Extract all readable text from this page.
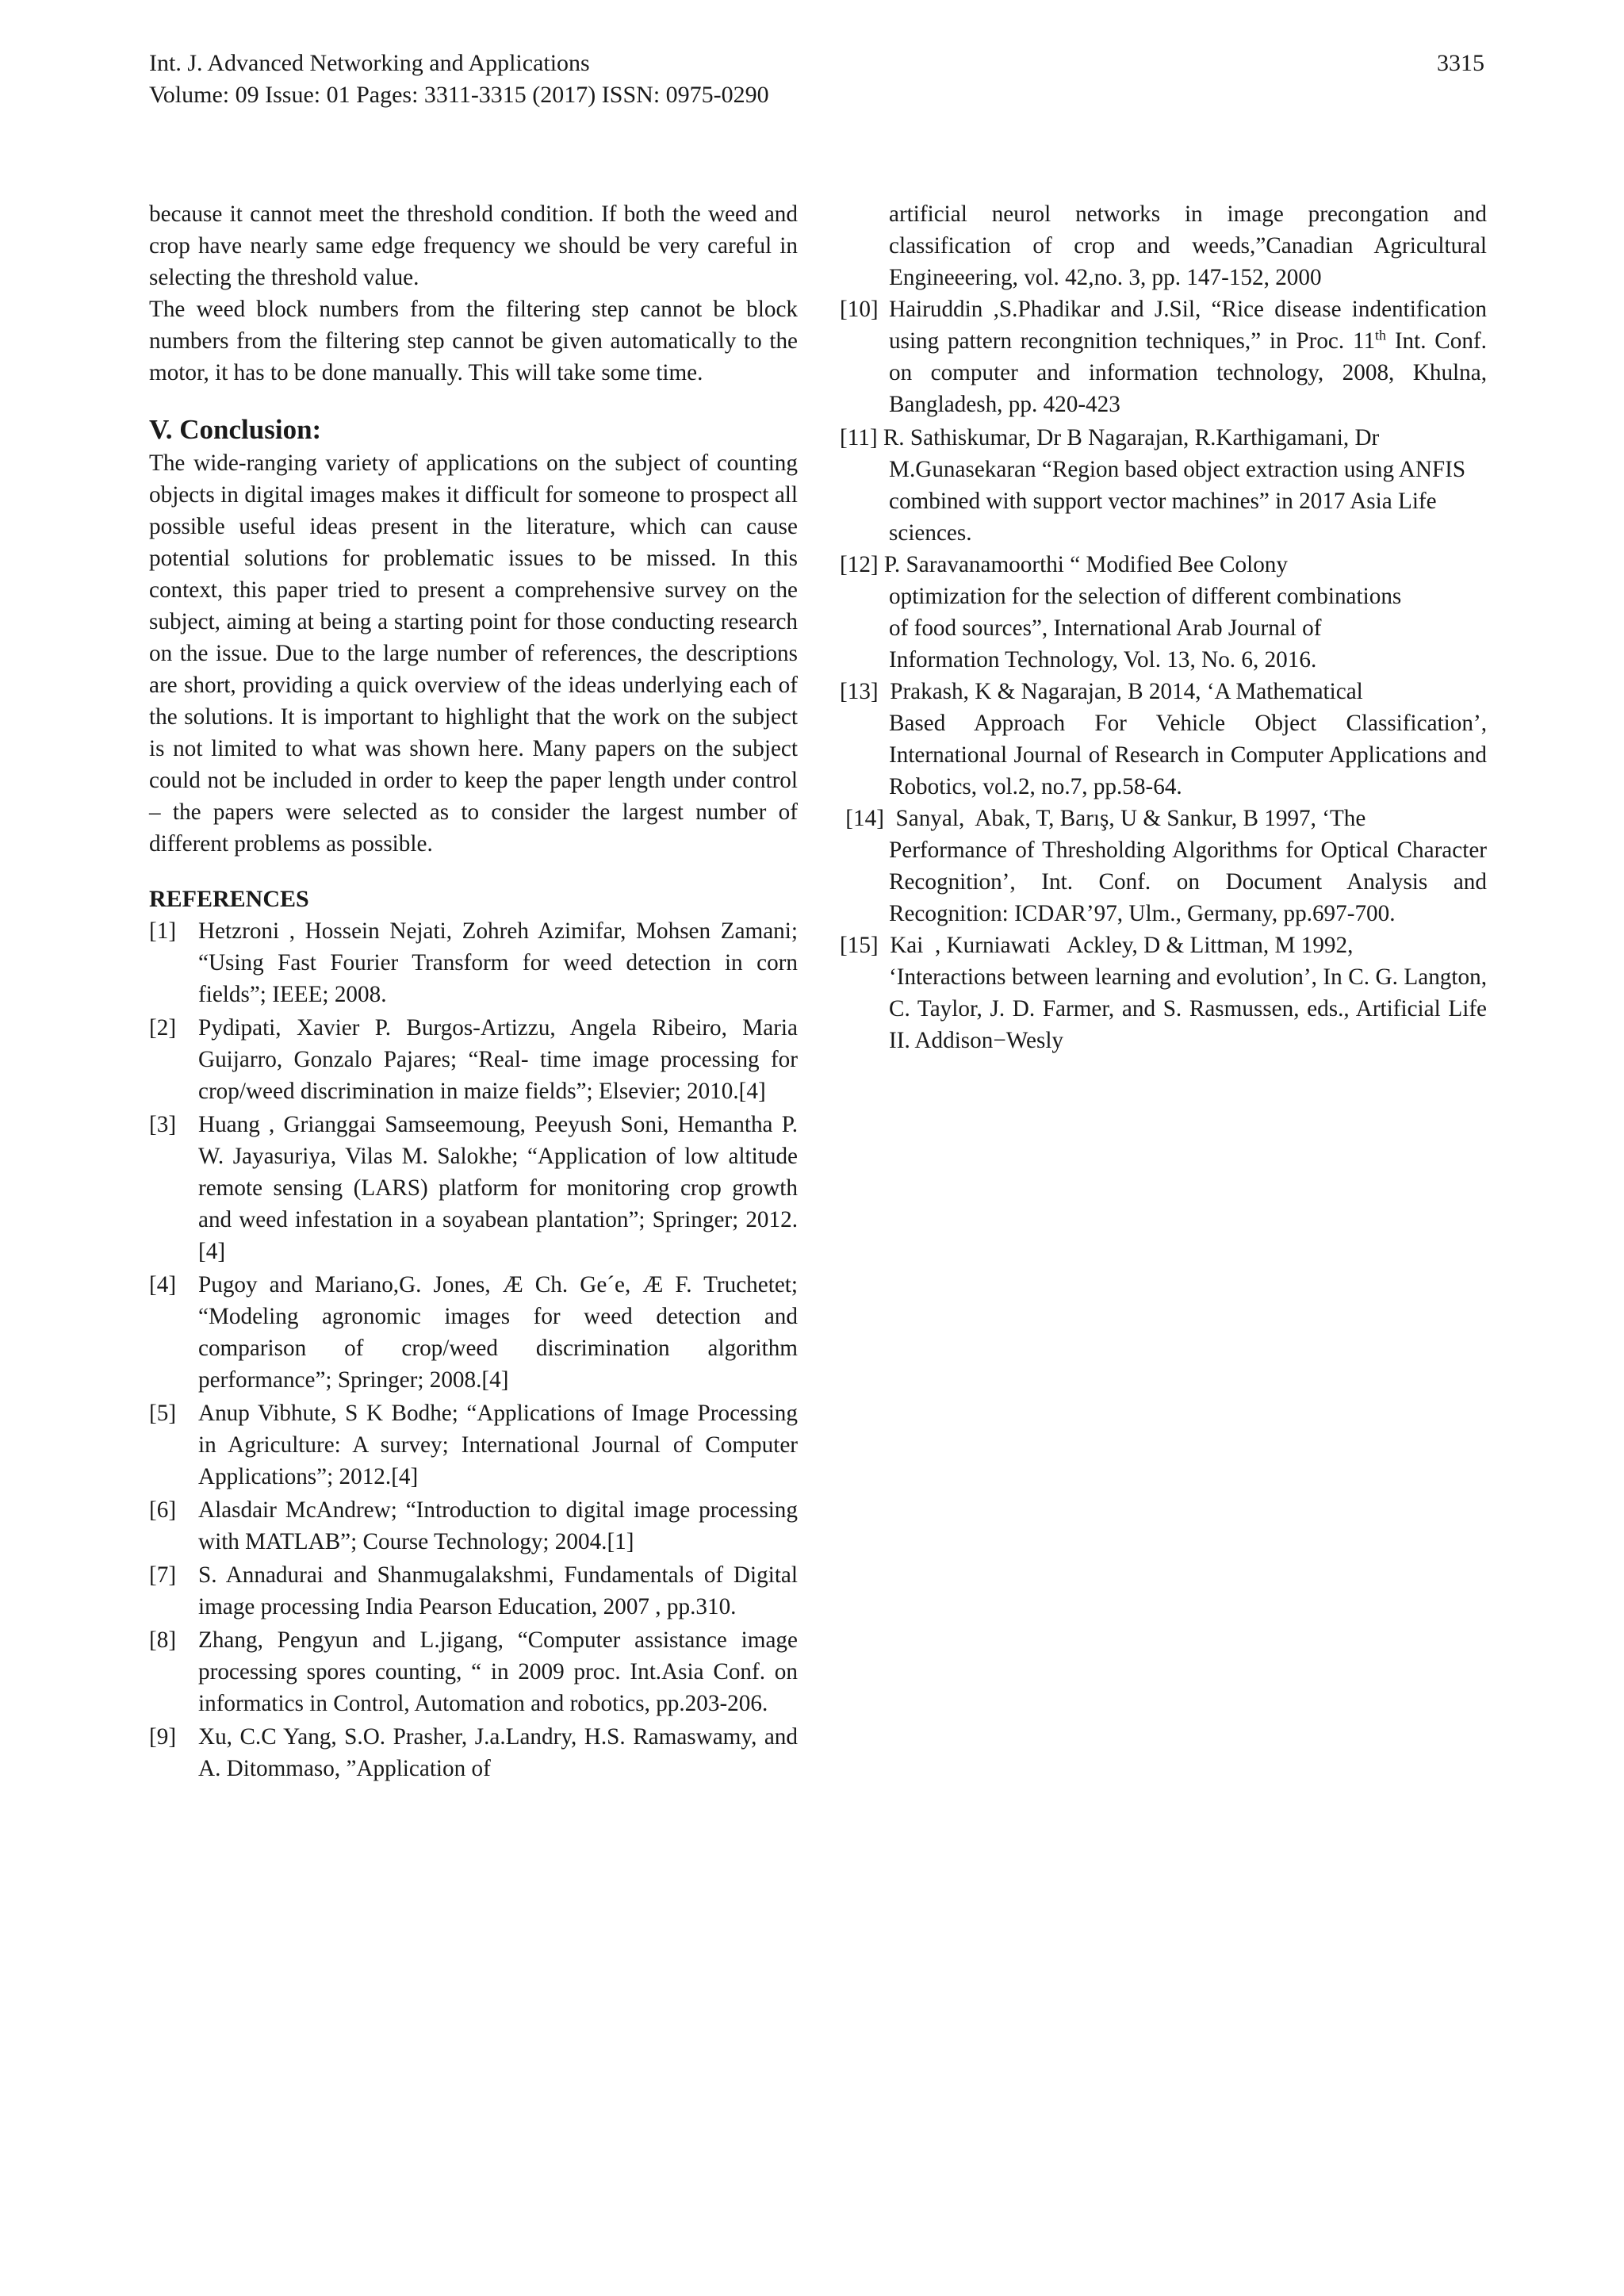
Int. J. Advanced Networking and Applications
Volume: 09 Issue: 01 Pages: 3311-3315 (2017) ISSN: 0975-0290
3315

because it cannot meet the threshold condition. If both the weed and crop have nearly same edge frequency we should be very careful in selecting the threshold value.

The weed block numbers from the filtering step cannot be block numbers from the filtering step cannot be given automatically to the motor, it has to be done manually. This will take some time.

V. Conclusion:

The wide-ranging variety of applications on the subject of counting objects in digital images makes it difficult for someone to prospect all possible useful ideas present in the literature, which can cause potential solutions for problematic issues to be missed. In this context, this paper tried to present a comprehensive survey on the subject, aiming at being a starting point for those conducting research on the issue. Due to the large number of references, the descriptions are short, providing a quick overview of the ideas underlying each of the solutions. It is important to highlight that the work on the subject is not limited to what was shown here. Many papers on the subject could not be included in order to keep the paper length under control – the papers were selected as to consider the largest number of different problems as possible.

REFERENCES
[1] Hetzroni , Hossein Nejati, Zohreh Azimifar, Mohsen Zamani; “Using Fast Fourier Transform for weed detection in corn fields”; IEEE; 2008.
[2] Pydipati, Xavier P. Burgos-Artizzu, Angela Ribeiro, Maria Guijarro, Gonzalo Pajares; “Real- time image processing for crop/weed discrimination in maize fields”; Elsevier; 2010.[4]
[3] Huang , Grianggai Samseemoung, Peeyush Soni, Hemantha P. W. Jayasuriya, Vilas M. Salokhe; “Application of low altitude remote sensing (LARS) platform for monitoring crop growth and weed infestation in a soyabean plantation”; Springer; 2012.[4]
[4] Pugoy and Mariano,G. Jones, Æ Ch. Ge´e, Æ F. Truchetet; “Modeling agronomic images for weed detection and comparison of crop/weed discrimination algorithm performance”; Springer; 2008.[4]
[5] Anup Vibhute, S K Bodhe; “Applications of Image Processing in Agriculture: A survey; International Journal of Computer Applications”; 2012.[4]
[6] Alasdair McAndrew; “Introduction to digital image processing with MATLAB”; Course Technology; 2004.[1]
[7] S. Annadurai and Shanmugalakshmi, Fundamentals of Digital image processing India Pearson Education, 2007 , pp.310.
[8] Zhang, Pengyun and L.jigang, “Computer assistance image processing spores counting, “ in 2009 proc. Int.Asia Conf. on informatics in Control, Automation and robotics, pp.203-206.
[9] Xu, C.C Yang, S.O. Prasher, J.a.Landry, H.S. Ramaswamy, and A. Ditommaso, ”Application of

artificial neurol networks in image precongation and classification of crop and weeds,”Canadian Agricultural Engineeering, vol. 42,no. 3, pp. 147-152, 2000

[10] Hairuddin ,S.Phadikar and J.Sil, “Rice disease indentification using pattern recongnition techniques,” in Proc. 11th Int. Conf. on computer and information technology, 2008, Khulna, Bangladesh, pp. 420-423
[11] R. Sathiskumar, Dr B Nagarajan, R.Karthigamani, Dr

M.Gunasekaran “Region based object extraction using ANFIS combined with support vector machines” in 2017 Asia Life sciences.

[12] P. Saravanamoorthi “ Modified Bee Colony

optimization for the selection of different combinations of food sources”, International Arab Journal of Information Technology, Vol. 13, No. 6, 2016.

[13]  Prakash, K & Nagarajan, B 2014, ‘A Mathematical

Based Approach For Vehicle Object Classification’, International Journal of Research in Computer Applications and Robotics, vol.2, no.7, pp.58-64.

[14]  Sanyal,  Abak, T, Barış, U & Sankur, B 1997, ‘The

Performance of Thresholding Algorithms for Optical Character Recognition’, Int. Conf. on Document Analysis and Recognition: ICDAR’97, Ulm., Germany, pp.697-700.

[15]  Kai  , Kurniawati   Ackley, D & Littman, M 1992,

‘Interactions between learning and evolution’, In C. G. Langton, C. Taylor, J. D. Farmer, and S. Rasmussen, eds., Artificial Life II. Addison−Wesly
